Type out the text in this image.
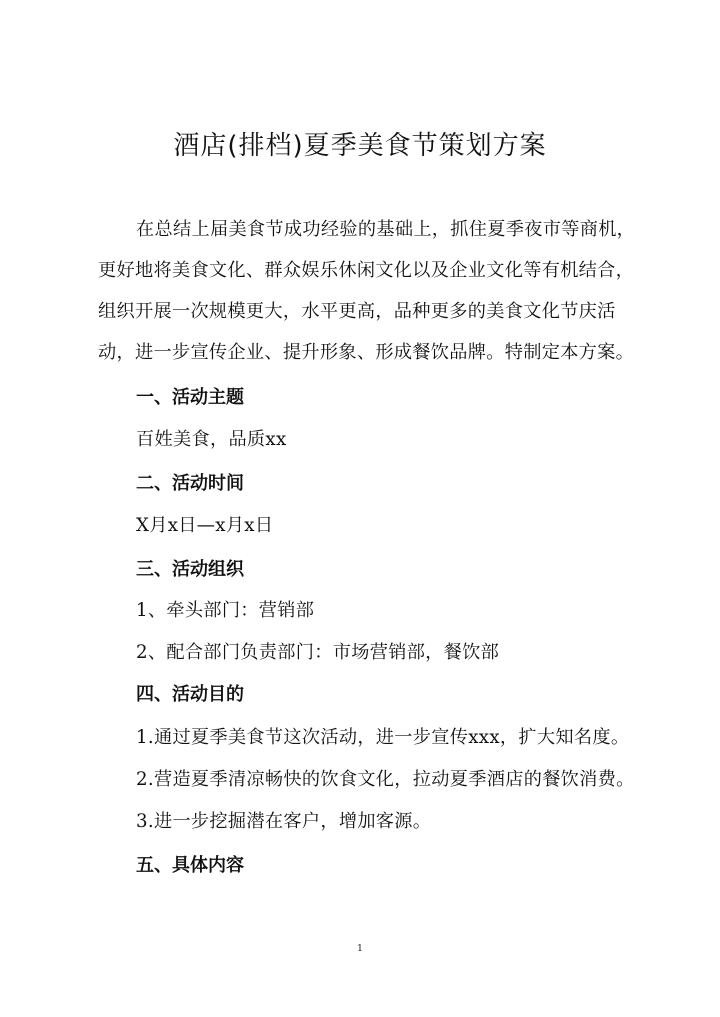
酒店(排档)夏季美食节策划方案
在总结上届美食节成功经验的基础上，抓住夏季夜市等商机，
更好地将美食文化、群众娱乐休闲文化以及企业文化等有机结合，
组织开展一次规模更大，水平更高，品种更多的美食文化节庆活
动，进一步宣传企业、提升形象、形成餐饮品牌。特制定本方案。
一、活动主题
百姓美食，品质xx
二、活动时间
X月x日—x月x日
三、活动组织
1、牵头部门：营销部
2、配合部门负责部门：市场营销部，餐饮部
四、活动目的
1.通过夏季美食节这次活动，进一步宣传xxx，扩大知名度。
2.营造夏季清凉畅快的饮食文化，拉动夏季酒店的餐饮消费。
3.进一步挖掘潜在客户，增加客源。
五、具体内容
1
